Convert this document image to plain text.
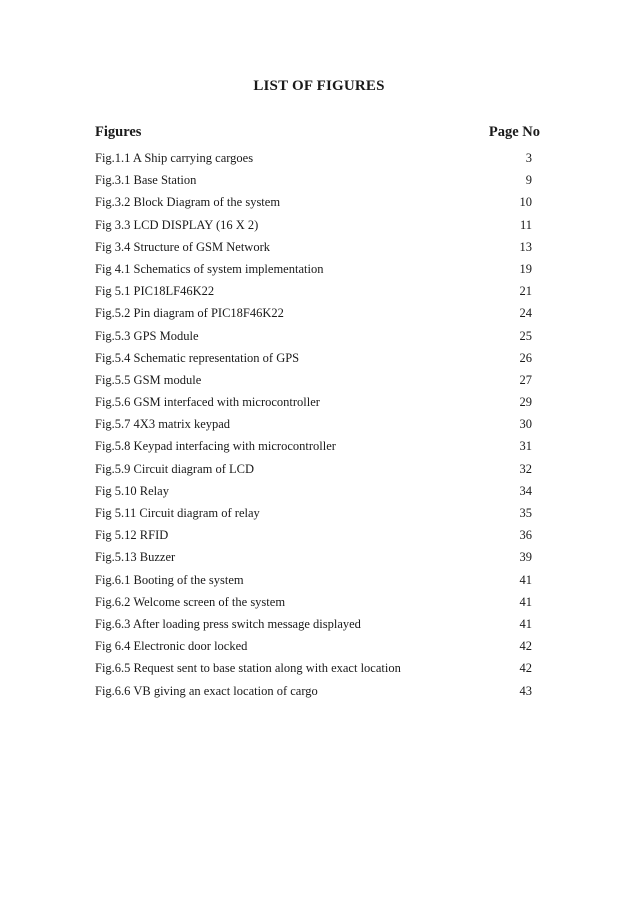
LIST OF FIGURES
Figures	Page No
Fig.1.1 A Ship carrying cargoes	3
Fig.3.1 Base Station	9
Fig.3.2 Block Diagram of the system	10
Fig 3.3 LCD DISPLAY (16 X 2)	11
Fig 3.4 Structure of GSM Network	13
Fig 4.1 Schematics of system implementation	19
Fig 5.1 PIC18LF46K22	21
Fig.5.2 Pin diagram of PIC18F46K22	24
Fig.5.3 GPS Module	25
Fig.5.4 Schematic representation of GPS	26
Fig.5.5 GSM module	27
Fig.5.6 GSM interfaced with microcontroller	29
Fig.5.7 4X3 matrix keypad	30
Fig.5.8 Keypad interfacing with microcontroller	31
Fig.5.9 Circuit diagram of LCD	32
Fig 5.10 Relay	34
Fig 5.11 Circuit diagram of relay	35
Fig 5.12 RFID	36
Fig.5.13 Buzzer	39
Fig.6.1 Booting of the system	41
Fig.6.2 Welcome screen of the system	41
Fig.6.3 After loading press switch message displayed	41
Fig 6.4 Electronic door locked	42
Fig.6.5 Request sent to base station along with exact location	42
Fig.6.6 VB giving an exact location of cargo	43
